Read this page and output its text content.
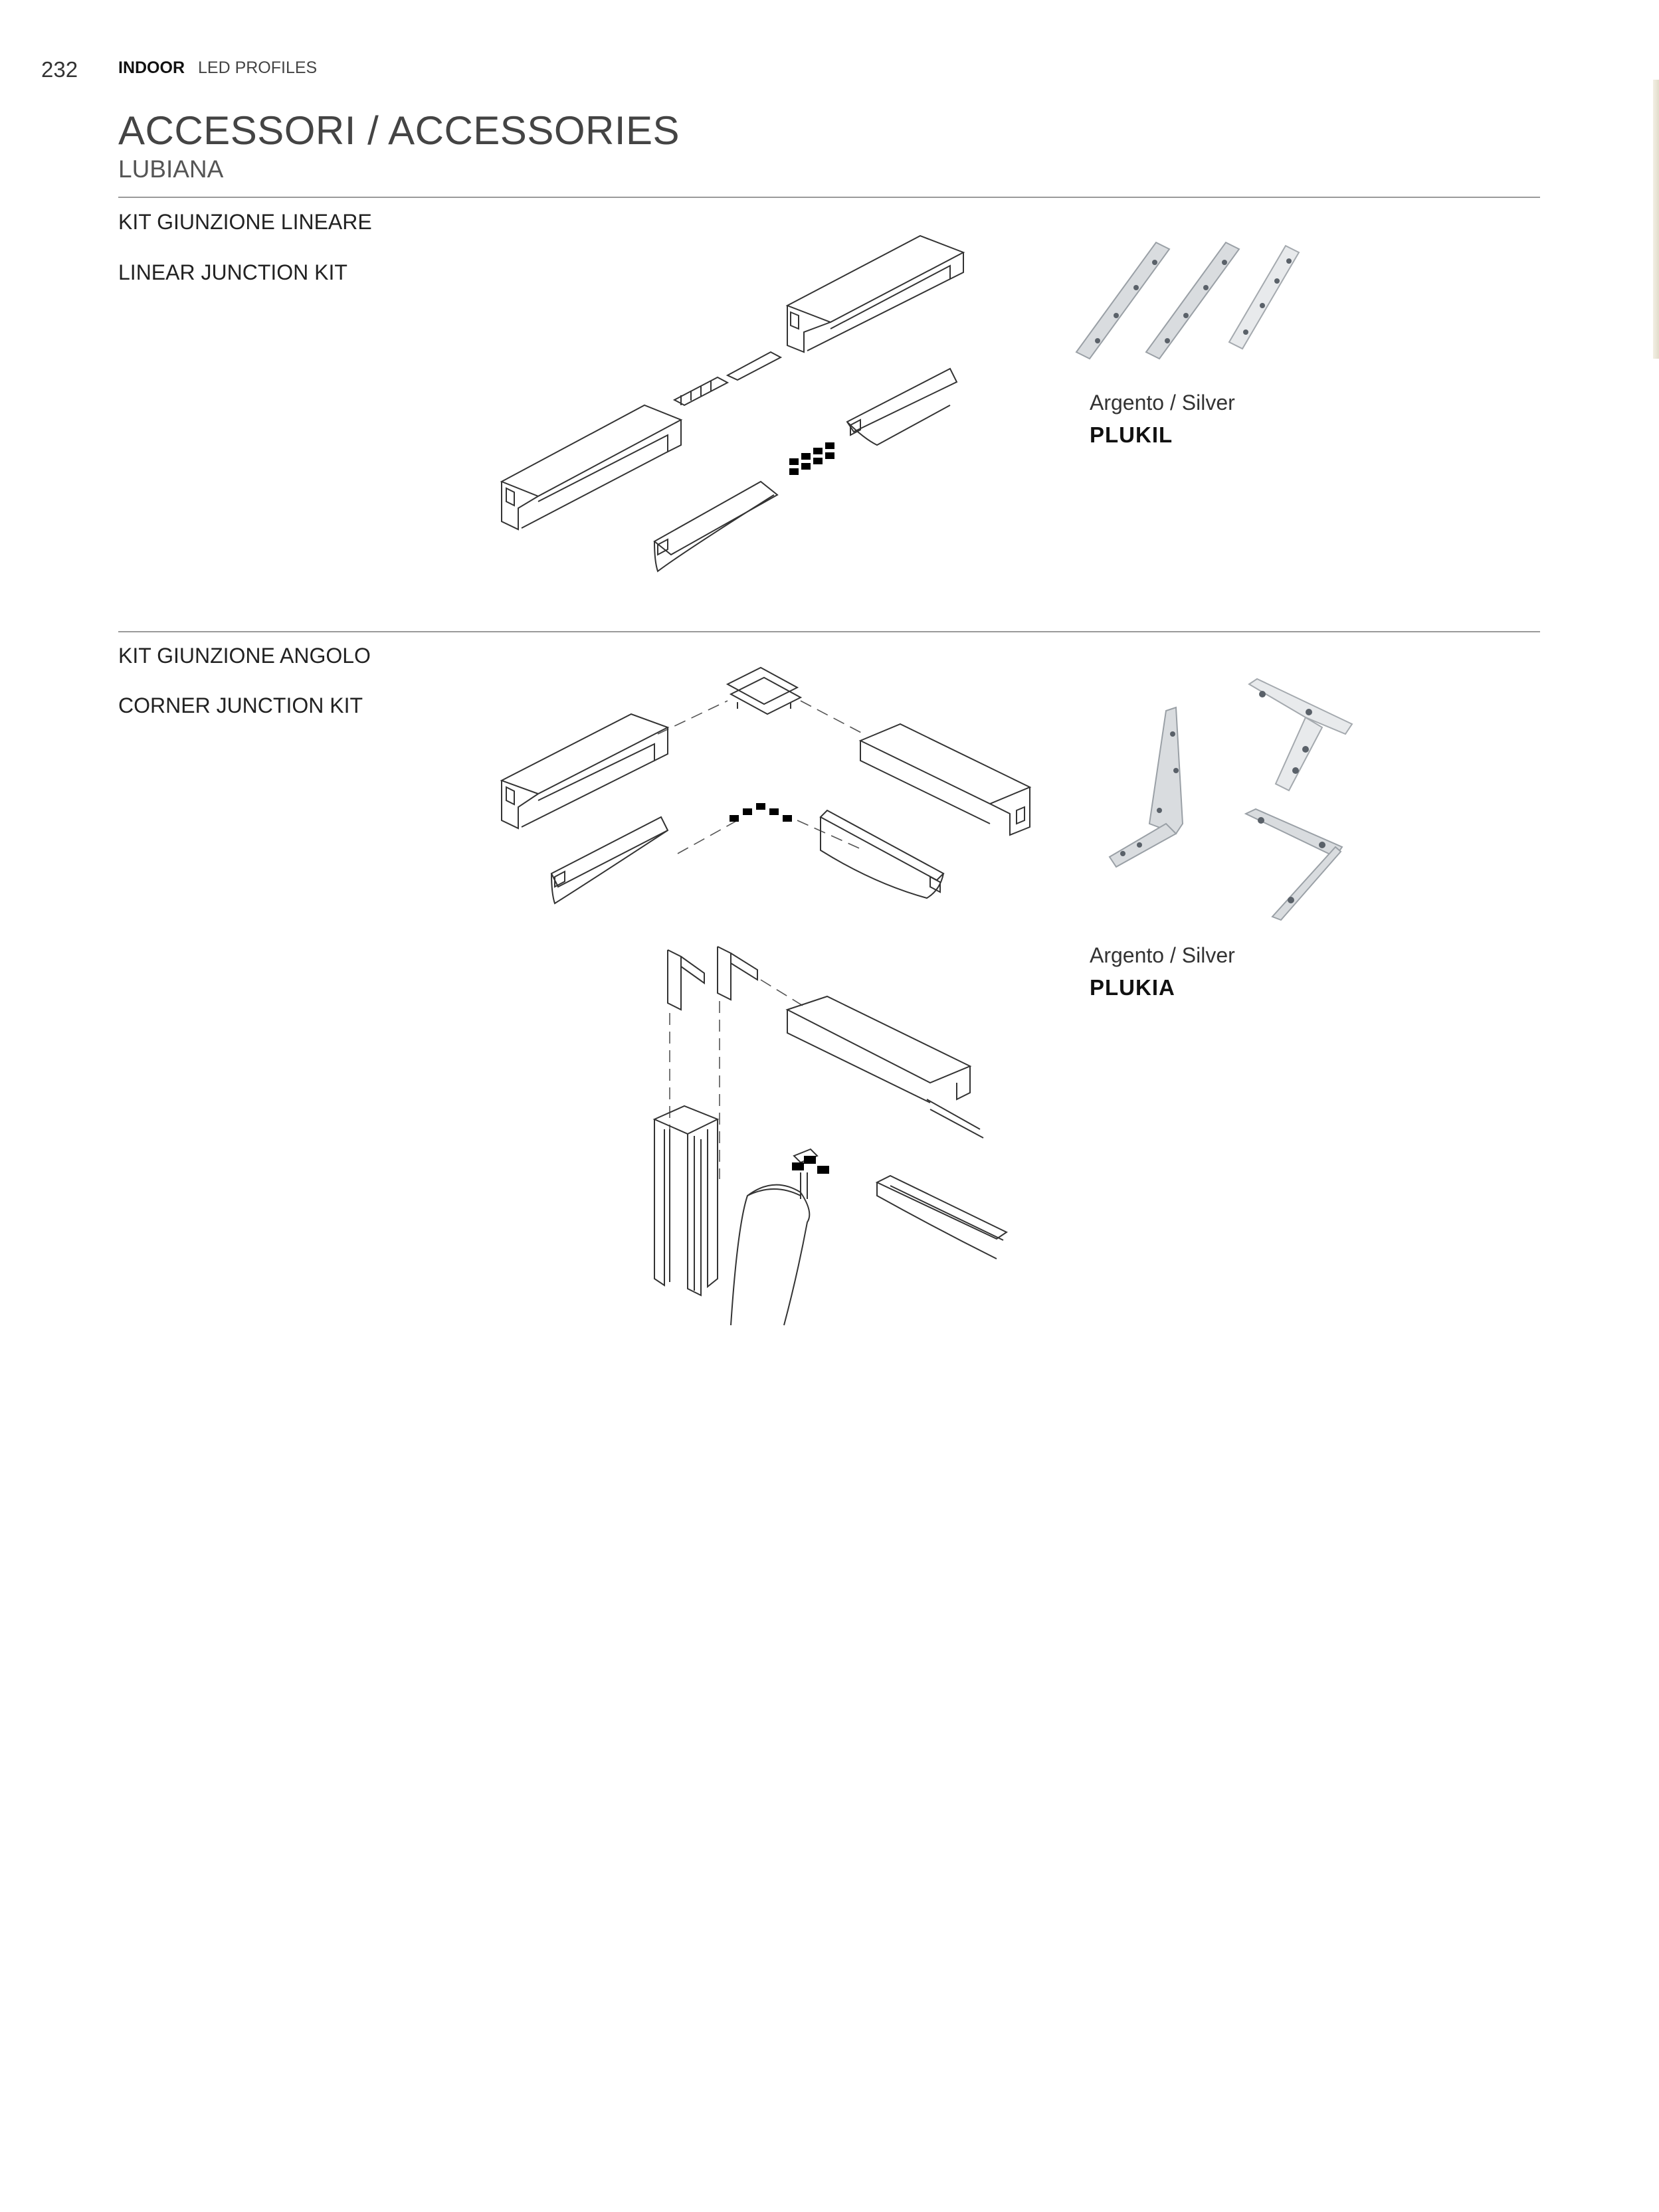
232 INDOOR LED PROFILES
ACCESSORI / ACCESSORIES
LUBIANA
KIT GIUNZIONE LINEARE
LINEAR JUNCTION KIT
Argento / Silver
PLUKIL
KIT GIUNZIONE ANGOLO
CORNER JUNCTION KIT
Argento / Silver
PLUKIA
